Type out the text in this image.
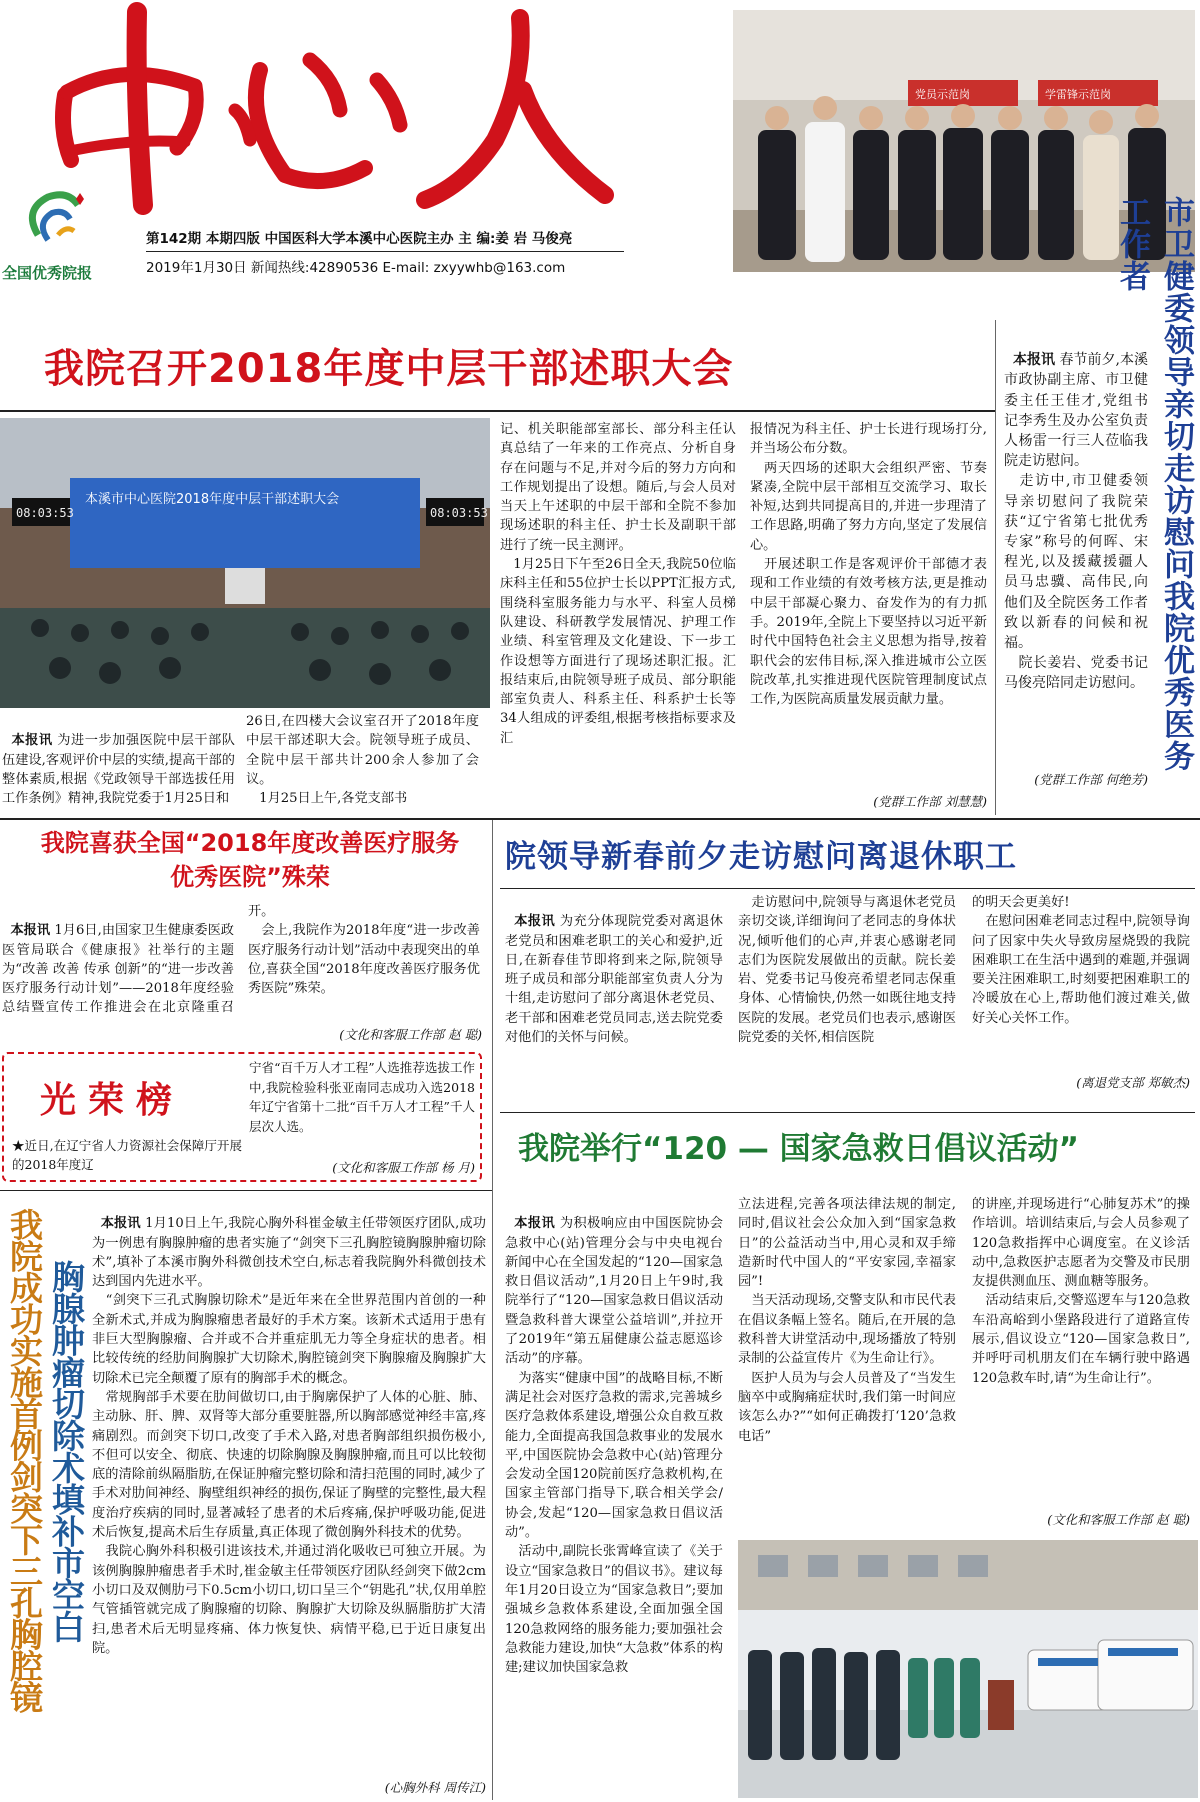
全国优秀院报
第142期 本期四版 中国医科大学本溪中心医院主办 主 编:姜 岩 马俊亮
2019年1月30日 新闻热线:42890536 E-mail: zxyywhb@163.com
党员示范岗	学雷锋示范岗
市卫健委领导亲切走访慰问我院优秀医务工作者

本报讯 春节前夕,本溪市政协副主席、市卫健委主任王佳才,党组书记李秀生及办公室负责人杨雷一行三人莅临我院走访慰问。
　走访中,市卫健委领导亲切慰问了我院荣获“辽宁省第七批优秀专家”称号的何晖、宋程光,以及援藏援疆人员马忠骥、高伟民,向他们及全院医务工作者致以新春的问候和祝福。
　院长姜岩、党委书记马俊亮陪同走访慰问。

(党群工作部 何绝芳)
我院召开2018年度中层干部述职大会
本溪市中心医院2018年度中层干部述职大会
08:03:53	08:03:53

本报讯 为进一步加强医院中层干部队伍建设,客观评价中层的实绩,提高干部的整体素质,根据《党政领导干部选拔任用工作条例》精神,我院党委于1月25日和

26日,在四楼大会议室召开了2018年度中层干部述职大会。院领导班子成员、全院中层干部共计200余人参加了会议。
　1月25日上午,各党支部书
记、机关职能部室部长、部分科主任认真总结了一年来的工作亮点、分析自身存在问题与不足,并对今后的努力方向和工作规划提出了设想。随后,与会人员对当天上午述职的中层干部和全院不参加现场述职的科主任、护士长及副职干部进行了统一民主测评。
　1月25日下午至26日全天,我院50位临床科主任和55位护士长以PPT汇报方式,围绕科室服务能力与水平、科室人员梯队建设、科研教学发展情况、护理工作业绩、科室管理及文化建设、下一步工作设想等方面进行了现场述职汇报。汇报结束后,由院领导班子成员、部分职能部室负责人、科系主任、科系护士长等34人组成的评委组,根据考核指标要求及汇
报情况为科主任、护士长进行现场打分,并当场公布分数。
　两天四场的述职大会组织严密、节奏紧凑,全院中层干部相互交流学习、取长补短,达到共同提高目的,并进一步理清了工作思路,明确了努力方向,坚定了发展信心。
　开展述职工作是客观评价干部德才表现和工作业绩的有效考核方法,更是推动中层干部凝心聚力、奋发作为的有力抓手。2019年,全院上下要坚持以习近平新时代中国特色社会主义思想为指导,按着职代会的宏伟目标,深入推进城市公立医院改革,扎实推进现代医院管理制度试点工作,为医院高质量发展贡献力量。
(党群工作部 刘慧慧)
我院喜获全国“2018年度改善医疗服务优秀医院”殊荣

本报讯 1月6日,由国家卫生健康委医政医管局联合《健康报》社举行的主题为“改善 改善 传承 创新”的“进一步改善医疗服务行动计划”——2018年度经验总结暨宣传工作推进会在北京隆重召开。
　会上,我院作为2018年度“进一步改善医疗服务行动计划”活动中表现突出的单位,喜获全国“2018年度改善医疗服务优秀医院”殊荣。

(文化和客服工作部 赵 聪)
光荣榜
★近日,在辽宁省人力资源社会保障厅开展的2018年度辽
宁省“百千万人才工程”人选推荐选拔工作中,我院检验科张亚南同志成功入选2018年辽宁省第十二批“百千万人才工程”千人层次人选。
(文化和客服工作部 杨 月)
院领导新春前夕走访慰问离退休职工

本报讯 为充分体现院党委对离退休老党员和困难老职工的关心和爱护,近日,在新春佳节即将到来之际,院领导班子成员和部分职能部室负责人分为十组,走访慰问了部分离退休老党员、老干部和困难老党员同志,送去院党委对他们的关怀与问候。

　走访慰问中,院领导与离退休老党员亲切交谈,详细询问了老同志的身体状况,倾听他们的心声,并衷心感谢老同志们为医院发展做出的贡献。院长姜岩、党委书记马俊亮希望老同志保重身体、心情愉快,仍然一如既往地支持医院的发展。老党员们也表示,感谢医院党委的关怀,相信医院
的明天会更美好!
　在慰问困难老同志过程中,院领导询问了因家中失火导致房屋烧毁的我院困难职工在生活中遇到的难题,并强调要关注困难职工,时刻要把困难职工的冷暖放在心上,帮助他们渡过难关,做好关心关怀工作。
(离退党支部 郑敏杰)
我院举行“120 — 国家急救日倡议活动”

本报讯 为积极响应由中国医院协会急救中心(站)管理分会与中央电视台新闻中心在全国发起的“120—国家急救日倡议活动”,1月20日上午9时,我院举行了“120—国家急救日倡议活动暨急救科普大课堂公益培训”,并拉开了2019年“第五届健康公益志愿巡诊活动”的序幕。
　为落实“健康中国”的战略目标,不断满足社会对医疗急救的需求,完善城乡医疗急救体系建设,增强公众自救互救能力,全面提高我国急救事业的发展水平,中国医院协会急救中心(站)管理分会发动全国120院前医疗急救机构,在国家主管部门指导下,联合相关学会/协会,发起“120—国家急救日倡议活动”。
　活动中,副院长张霄峰宣读了《关于设立“国家急救日”的倡议书》。建议每年1月20日设立为“国家急救日”;要加强城乡急救体系建设,全面加强全国120急救网络的服务能力;要加强社会急救能力建设,加快“大急救”体系的构建;建议加快国家急救

立法进程,完善各项法律法规的制定,同时,倡议社会公众加入到“国家急救日”的公益活动当中,用心灵和双手缔造新时代中国人的“平安家园,幸福家园”!
　当天活动现场,交警支队和市民代表在倡议条幅上签名。随后,在开展的急救科普大讲堂活动中,现场播放了特别录制的公益宣传片《为生命让行》。
　医护人员为与会人员普及了“当发生脑卒中或胸痛症状时,我们第一时间应该怎么办?”“如何正确拨打‘120’急救电话”
的讲座,并现场进行“心肺复苏术”的操作培训。培训结束后,与会人员参观了120急救指挥中心调度室。在义诊活动中,急救医护志愿者为交警及市民朋友提供测血压、测血糖等服务。
　活动结束后,交警巡逻车与120急救车沿高峪到小堡路段进行了道路宣传展示,倡议设立“120—国家急救日”,并呼吁司机朋友们在车辆行驶中路遇120急救车时,请“为生命让行”。
(文化和客服工作部 赵 聪)
我院成功实施首例剑突下三孔胸腔镜 胸腺肿瘤切除术填补市空白

本报讯 1月10日上午,我院心胸外科崔金敏主任带领医疗团队,成功为一例患有胸腺肿瘤的患者实施了“剑突下三孔胸腔镜胸腺肿瘤切除术”,填补了本溪市胸外科微创技术空白,标志着我院胸外科微创技术达到国内先进水平。
　“剑突下三孔式胸腺切除术”是近年来在全世界范围内首创的一种全新术式,并成为胸腺瘤患者最好的手术方案。该新术式适用于患有非巨大型胸腺瘤、合并或不合并重症肌无力等全身症状的患者。相比较传统的经肋间胸腺扩大切除术,胸腔镜剑突下胸腺瘤及胸腺扩大切除术已完全颠覆了原有的胸部手术的概念。
　常规胸部手术要在肋间做切口,由于胸廓保护了人体的心脏、肺、主动脉、肝、脾、双肾等大部分重要脏器,所以胸部感觉神经丰富,疼痛剧烈。而剑突下切口,改变了手术入路,对患者胸部组织损伤极小,不但可以安全、彻底、快速的切除胸腺及胸腺肿瘤,而且可以比较彻底的清除前纵隔脂肪,在保证肿瘤完整切除和清扫范围的同时,减少了手术对肋间神经、胸壁组织神经的损伤,保证了胸壁的完整性,最大程度治疗疾病的同时,显著减轻了患者的术后疼痛,保护呼吸功能,促进术后恢复,提高术后生存质量,真正体现了微创胸外科技术的优势。
　我院心胸外科积极引进该技术,并通过消化吸收已可独立开展。为该例胸腺肿瘤患者手术时,崔金敏主任带领医疗团队经剑突下做2cm小切口及双侧肋弓下0.5cm小切口,切口呈三个“钥匙孔”状,仅用单腔气管插管就完成了胸腺瘤的切除、胸腺扩大切除及纵膈脂肪扩大清扫,患者术后无明显疼痛、体力恢复快、病情平稳,已于近日康复出院。

(心胸外科 周传江)
